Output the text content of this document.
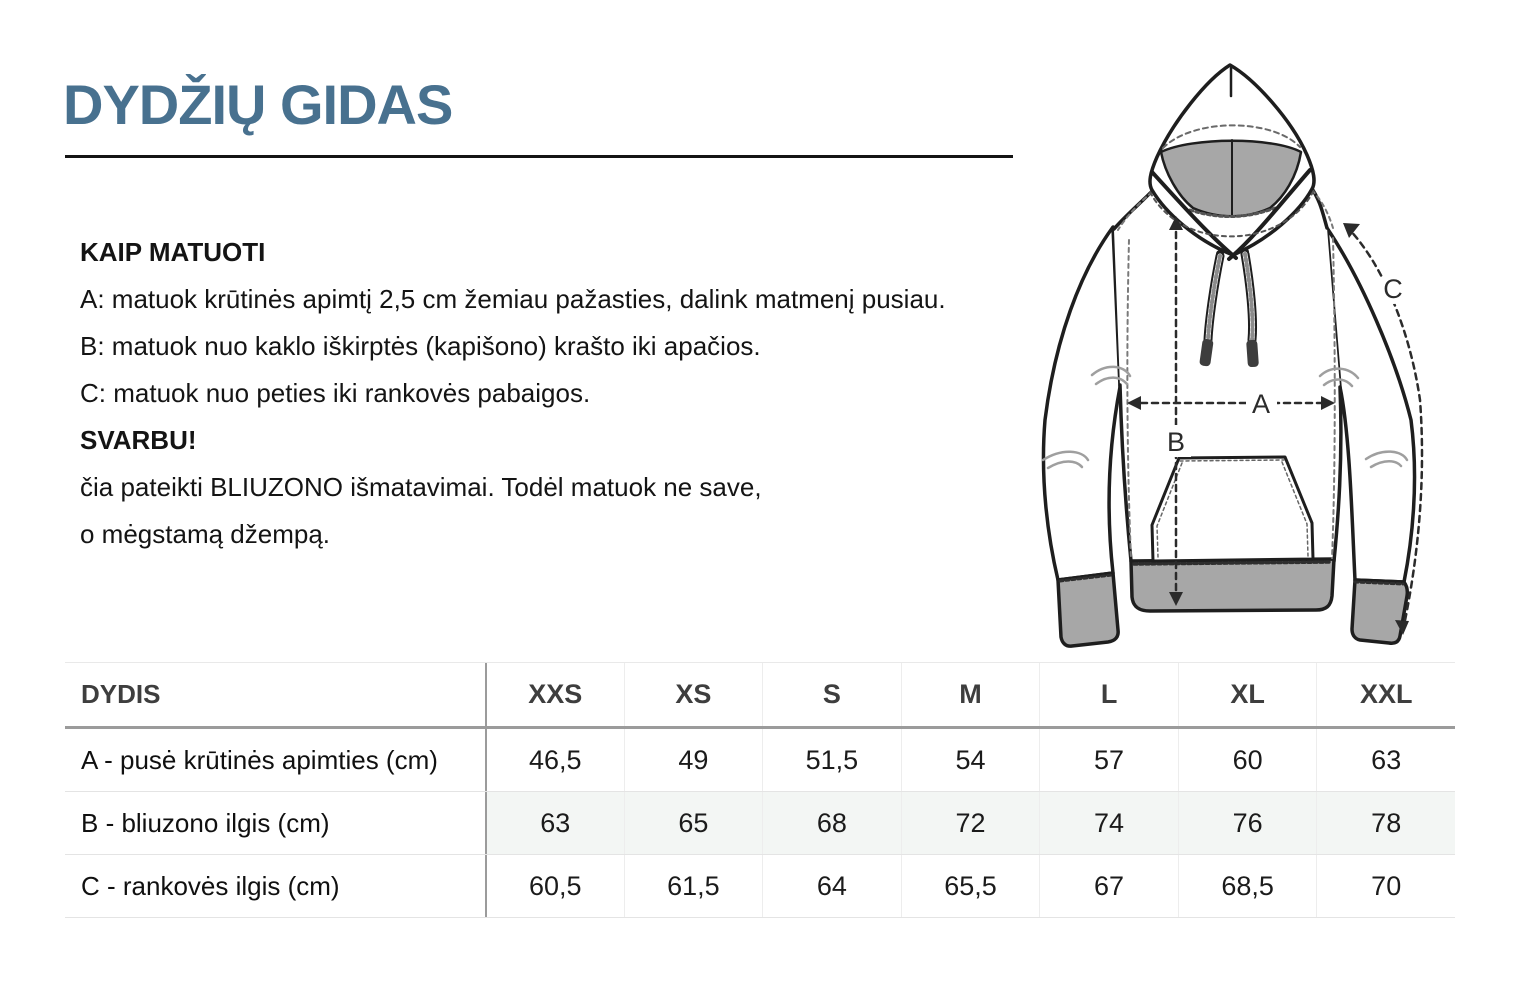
DYDŽIŲ GIDAS

KAIP MATUOTI

A: matuok krūtinės apimtį 2,5 cm žemiau pažasties, dalink matmenį pusiau.

B: matuok nuo kaklo iškirptės (kapišono) krašto iki apačios.

C: matuok nuo peties iki rankovės pabaigos.

SVARBU!

čia pateikti BLIUZONO išmatavimai. Todėl matuok ne save,

o mėgstamą džempą.

A
B
C
DYDIS	XXS	XS	S	M	L	XL	XXL
A - pusė krūtinės apimties (cm)	46,5	49	51,5	54	57	60	63
B - bliuzono ilgis (cm)	63	65	68	72	74	76	78
C - rankovės ilgis (cm)	60,5	61,5	64	65,5	67	68,5	70
